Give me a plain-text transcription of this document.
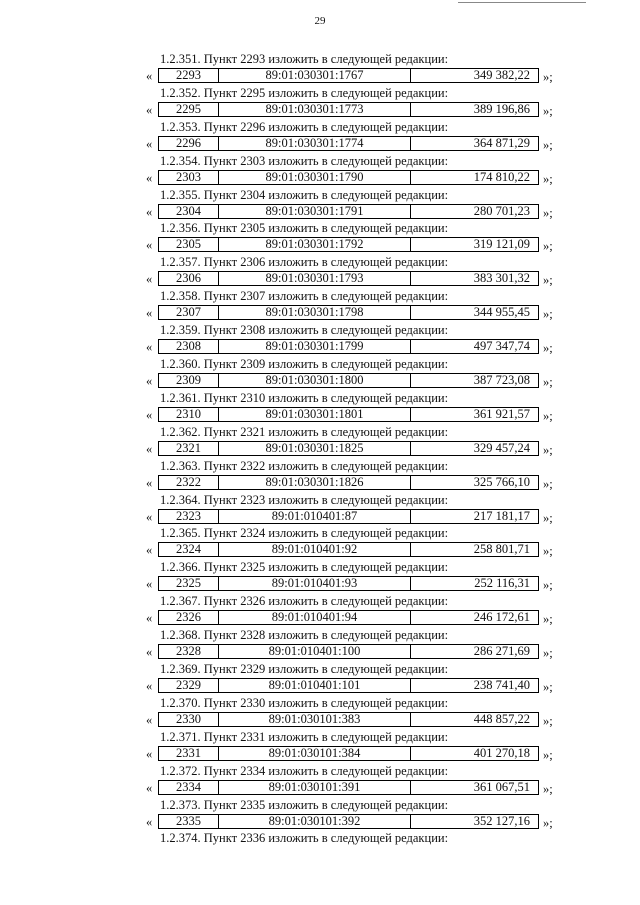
29
1.2.351. Пункт 2293 изложить в следующей редакции:
«	2293	89:01:030301:1767	349 382,22	»;
1.2.352. Пункт 2295 изложить в следующей редакции:
«	2295	89:01:030301:1773	389 196,86	»;
1.2.353. Пункт 2296 изложить в следующей редакции:
«	2296	89:01:030301:1774	364 871,29	»;
1.2.354. Пункт 2303 изложить в следующей редакции:
«	2303	89:01:030301:1790	174 810,22	»;
1.2.355. Пункт 2304 изложить в следующей редакции:
«	2304	89:01:030301:1791	280 701,23	»;
1.2.356. Пункт 2305 изложить в следующей редакции:
«	2305	89:01:030301:1792	319 121,09	»;
1.2.357. Пункт 2306 изложить в следующей редакции:
«	2306	89:01:030301:1793	383 301,32	»;
1.2.358. Пункт 2307 изложить в следующей редакции:
«	2307	89:01:030301:1798	344 955,45	»;
1.2.359. Пункт 2308 изложить в следующей редакции:
«	2308	89:01:030301:1799	497 347,74	»;
1.2.360. Пункт 2309 изложить в следующей редакции:
«	2309	89:01:030301:1800	387 723,08	»;
1.2.361. Пункт 2310 изложить в следующей редакции:
«	2310	89:01:030301:1801	361 921,57	»;
1.2.362. Пункт 2321 изложить в следующей редакции:
«	2321	89:01:030301:1825	329 457,24	»;
1.2.363. Пункт 2322 изложить в следующей редакции:
«	2322	89:01:030301:1826	325 766,10	»;
1.2.364. Пункт 2323 изложить в следующей редакции:
«	2323	89:01:010401:87	217 181,17	»;
1.2.365. Пункт 2324 изложить в следующей редакции:
«	2324	89:01:010401:92	258 801,71	»;
1.2.366. Пункт 2325 изложить в следующей редакции:
«	2325	89:01:010401:93	252 116,31	»;
1.2.367. Пункт 2326 изложить в следующей редакции:
«	2326	89:01:010401:94	246 172,61	»;
1.2.368. Пункт 2328 изложить в следующей редакции:
«	2328	89:01:010401:100	286 271,69	»;
1.2.369. Пункт 2329 изложить в следующей редакции:
«	2329	89:01:010401:101	238 741,40	»;
1.2.370. Пункт 2330 изложить в следующей редакции:
«	2330	89:01:030101:383	448 857,22	»;
1.2.371. Пункт 2331 изложить в следующей редакции:
«	2331	89:01:030101:384	401 270,18	»;
1.2.372. Пункт 2334 изложить в следующей редакции:
«	2334	89:01:030101:391	361 067,51	»;
1.2.373. Пункт 2335 изложить в следующей редакции:
«	2335	89:01:030101:392	352 127,16	»;
1.2.374. Пункт 2336 изложить в следующей редакции:
